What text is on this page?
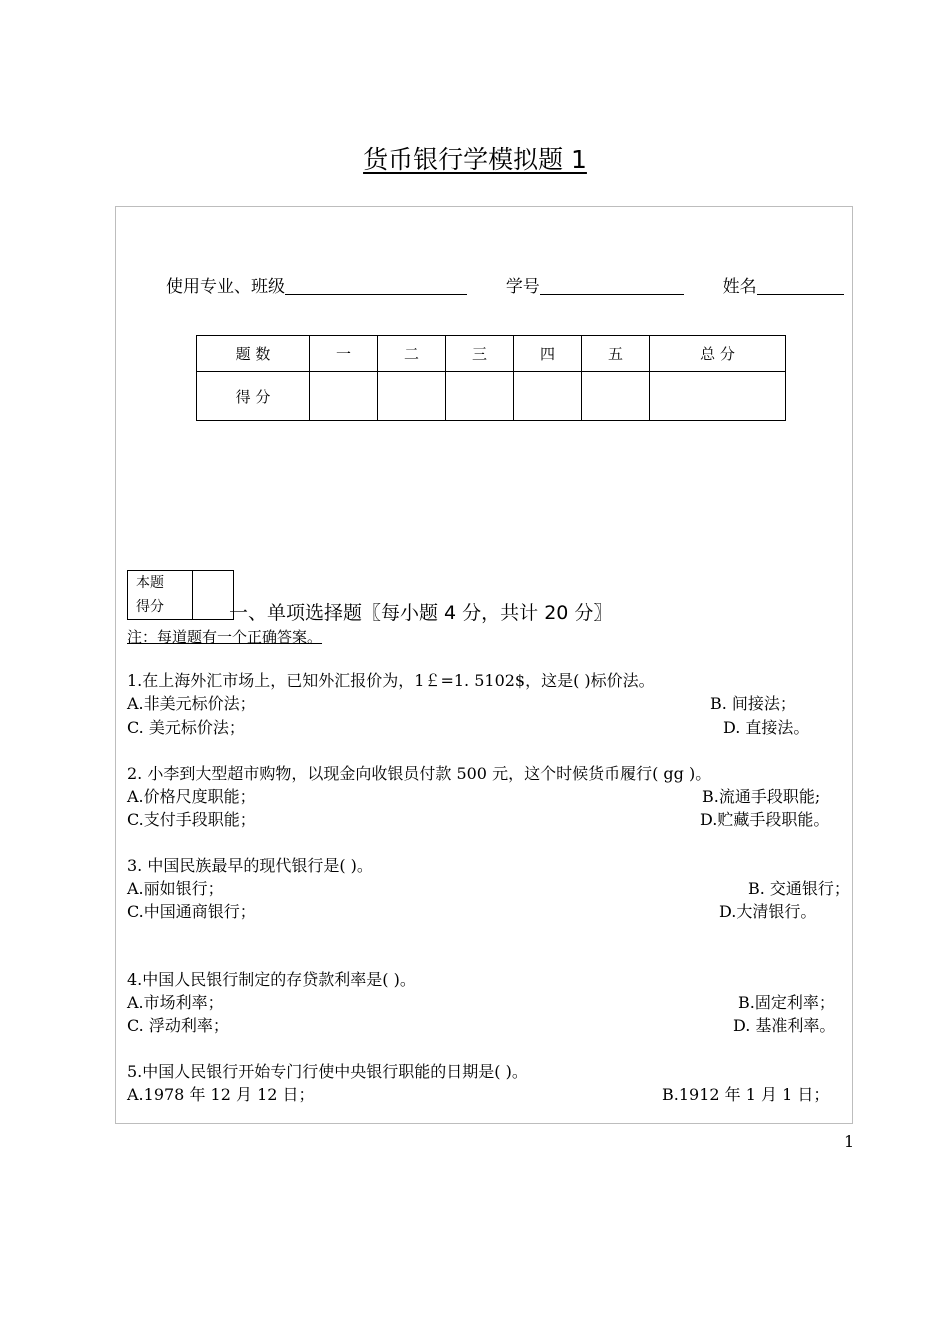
货币银行学模拟题 1
使用专业、班级	学号	姓名
题 数	一	二	三	四	五	总 分
得 分						
本题
得分
		一、单项选择题〖每小题 4 分，共计 20 分〗
注：每道题有一个正确答案。
1.在上海外汇市场上，已知外汇报价为，1￡=1. 5102$，这是( )标价法。
A.非美元标价法；	B. 间接法；
C. 美元标价法；	D. 直接法。
2. 小李到大型超市购物，以现金向收银员付款 500 元，这个时候货币履行( gg )。
A.价格尺度职能；	B.流通手段职能;
C.支付手段职能；	D.贮藏手段职能。
3. 中国民族最早的现代银行是( )。
A.丽如银行；	B. 交通银行；
C.中国通商银行；	D.大清银行。
4.中国人民银行制定的存贷款利率是( )。
A.市场利率；	B.固定利率；
C. 浮动利率；	D. 基准利率。
5.中国人民银行开始专门行使中央银行职能的日期是( )。
A.1978 年 12 月 12 日；	B.1912 年 1 月 1 日；
1
